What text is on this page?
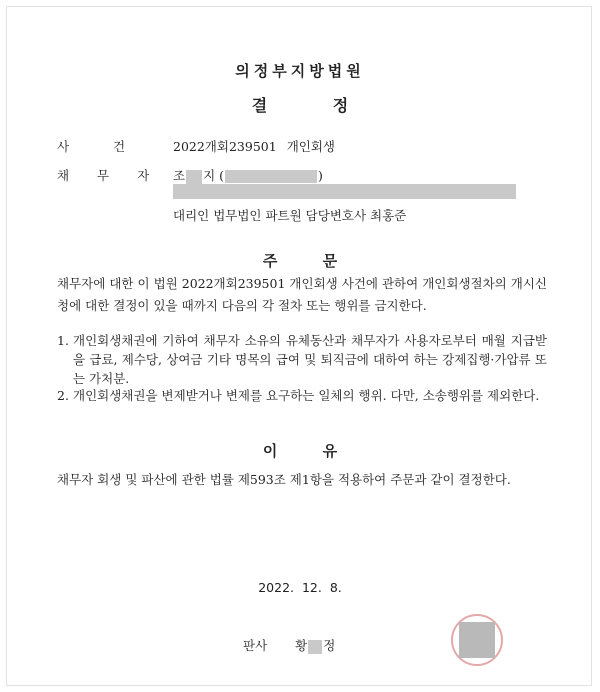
의정부지방법원
결 정
사 건	2022개회239501 개인회생
채 무 자 조 지 (	)
대리인 법무법인 파트원 담당변호사 최홍준
주 문
채무자에 대한 이 법원 2022개회239501 개인회생 사건에 관하여 개인회생절차의 개시신청에 대한 결정이 있을 때까지 다음의 각 절차 또는 행위를 금지한다.
1. 개인회생채권에 기하여 채무자 소유의 유체동산과 채무자가 사용자로부터 매월 지급받을 급료, 제수당, 상여금 기타 명목의 급여 및 퇴직금에 대하여 하는 강제집행·가압류 또는 가처분.
2. 개인회생채권을 변제받거나 변제를 요구하는 일체의 행위. 다만, 소송행위를 제외한다.
이 유
채무자 회생 및 파산에 관한 법률 제593조 제1항을 적용하여 주문과 같이 결정한다.
2022. 12. 8.
판사 황 정
